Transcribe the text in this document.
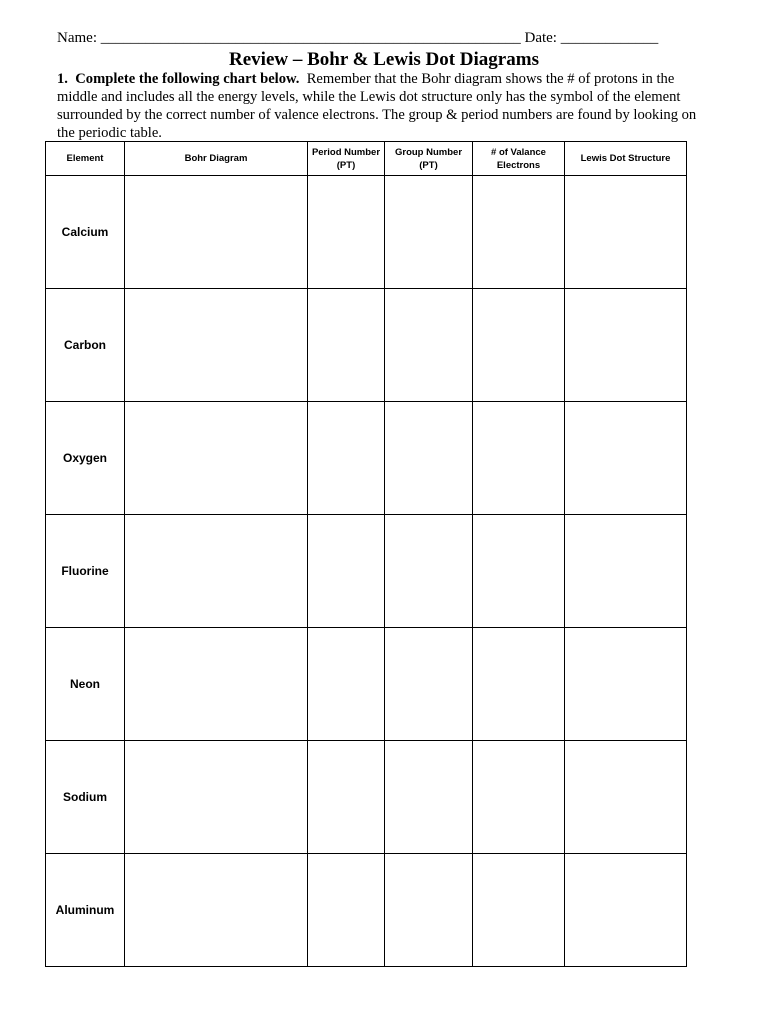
Name: ________________________________________________________ Date: _____________
Review – Bohr & Lewis Dot Diagrams
1. Complete the following chart below. Remember that the Bohr diagram shows the # of protons in the middle and includes all the energy levels, while the Lewis dot structure only has the symbol of the element surrounded by the correct number of valence electrons. The group & period numbers are found by looking on the periodic table.
Element	Bohr Diagram	Period Number (PT)	Group Number (PT)	# of Valance Electrons	Lewis Dot Structure
Calcium					
Carbon					
Oxygen					
Fluorine					
Neon					
Sodium					
Aluminum					
